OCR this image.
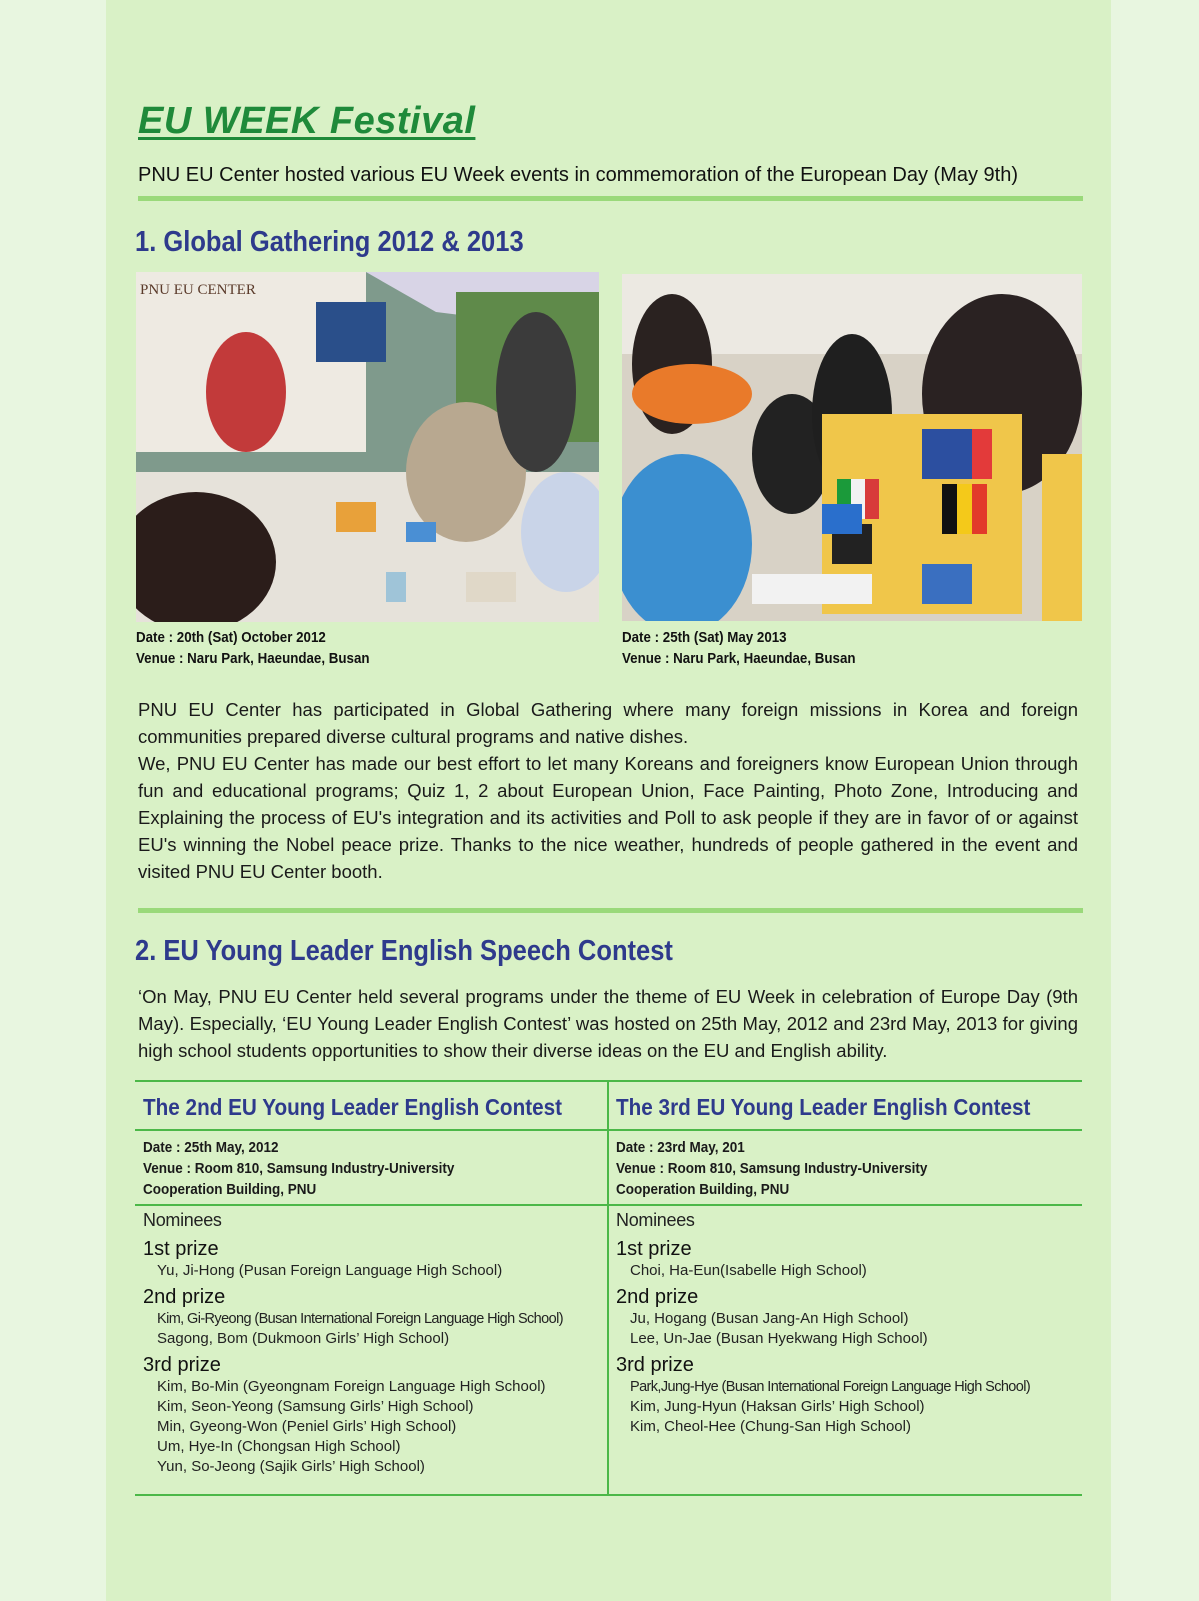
EU WEEK Festival
PNU EU Center hosted various EU Week events in commemoration of the European Day (May 9th)
1. Global Gathering 2012 & 2013
PNU EU CENTER
Date : 20th (Sat) October 2012
Venue : Naru Park, Haeundae, Busan
Date : 25th (Sat) May 2013
Venue : Naru Park, Haeundae, Busan

PNU EU Center has participated in Global Gathering where many foreign missions in Korea and foreign communities prepared diverse cultural programs and native dishes.

We, PNU EU Center has made our best effort to let many Koreans and foreigners know European Union through fun and educational programs; Quiz 1, 2 about European Union, Face Painting, Photo Zone, Introducing and Explaining the process of EU's integration and its activities and Poll to ask people if they are in favor of or against EU's winning the Nobel peace prize. Thanks to the nice weather, hundreds of people gathered in the event and visited PNU EU Center booth.

2. EU Young Leader English Speech Contest

‘On May, PNU EU Center held several programs under the theme of EU Week in celebration of Europe Day (9th May). Especially, ‘EU Young Leader English Contest’ was hosted on 25th May, 2012 and 23rd May, 2013 for giving high school students opportunities to show their diverse ideas on the EU and English ability.

The 2nd EU Young Leader English Contest
Date : 25th May, 2012
Venue : Room 810, Samsung Industry-University
Cooperation Building, PNU
Nominees
1st prize
Yu, Ji-Hong (Pusan Foreign Language High School)
2nd prize
Kim, Gi-Ryeong (Busan International Foreign Language High School)
Sagong, Bom (Dukmoon Girls’ High School)
3rd prize
Kim, Bo-Min (Gyeongnam Foreign Language High School)
Kim, Seon-Yeong (Samsung Girls’ High School)
Min, Gyeong-Won (Peniel Girls’ High School)
Um, Hye-In (Chongsan High School)
Yun, So-Jeong (Sajik Girls’ High School)
The 3rd EU Young Leader English Contest
Date : 23rd May, 201
Venue : Room 810, Samsung Industry-University
Cooperation Building, PNU
Nominees
1st prize
Choi, Ha-Eun(Isabelle High School)
2nd prize
Ju, Hogang (Busan Jang-An High School)
Lee, Un-Jae (Busan Hyekwang High School)
3rd prize
Park,Jung-Hye (Busan International Foreign Language High School)
Kim, Jung-Hyun (Haksan Girls’ High School)
Kim, Cheol-Hee (Chung-San High School)
